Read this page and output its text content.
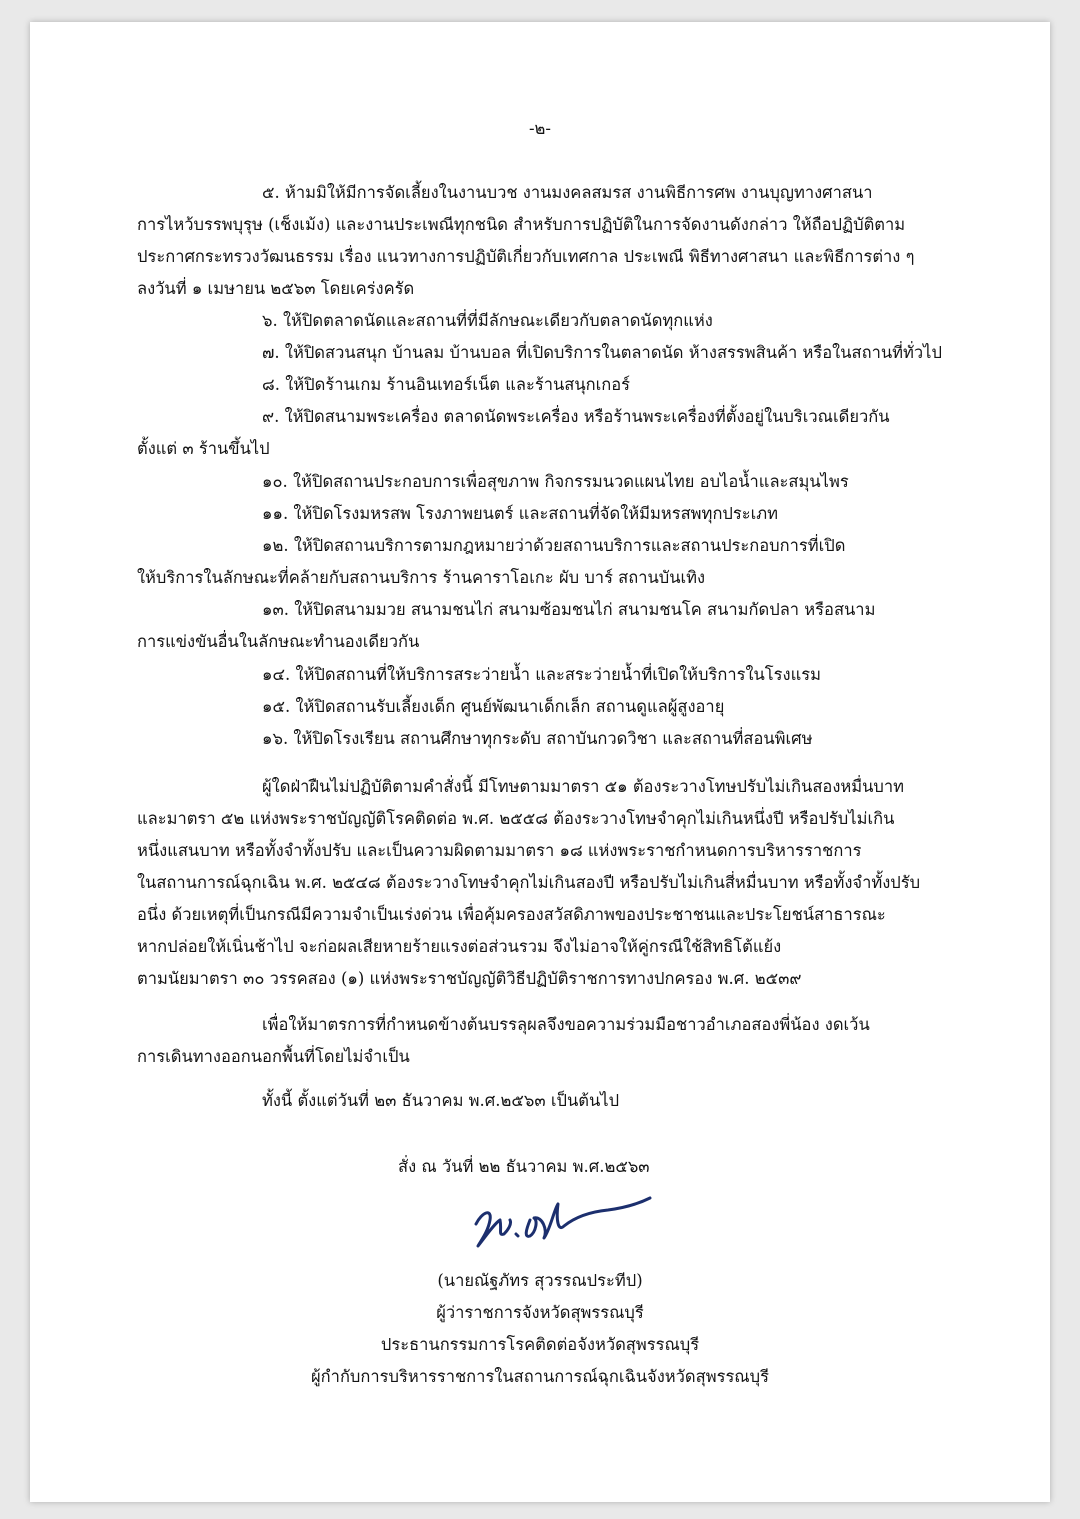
-๒-
๕. ห้ามมิให้มีการจัดเลี้ยงในงานบวช งานมงคลสมรส งานพิธีการศพ งานบุญทางศาสนา
การไหว้บรรพบุรุษ (เช็งเม้ง) และงานประเพณีทุกชนิด สำหรับการปฏิบัติในการจัดงานดังกล่าว ให้ถือปฏิบัติตาม
ประกาศกระทรวงวัฒนธรรม เรื่อง แนวทางการปฏิบัติเกี่ยวกับเทศกาล ประเพณี พิธีทางศาสนา และพิธีการต่าง ๆ
ลงวันที่ ๑ เมษายน ๒๕๖๓ โดยเคร่งครัด
๖. ให้ปิดตลาดนัดและสถานที่ที่มีลักษณะเดียวกับตลาดนัดทุกแห่ง
๗. ให้ปิดสวนสนุก บ้านลม บ้านบอล ที่เปิดบริการในตลาดนัด ห้างสรรพสินค้า หรือในสถานที่ทั่วไป
๘. ให้ปิดร้านเกม ร้านอินเทอร์เน็ต และร้านสนุกเกอร์
๙. ให้ปิดสนามพระเครื่อง ตลาดนัดพระเครื่อง หรือร้านพระเครื่องที่ตั้งอยู่ในบริเวณเดียวกัน
ตั้งแต่ ๓ ร้านขึ้นไป
๑๐. ให้ปิดสถานประกอบการเพื่อสุขภาพ กิจกรรมนวดแผนไทย อบไอน้ำและสมุนไพร
๑๑. ให้ปิดโรงมหรสพ โรงภาพยนตร์ และสถานที่จัดให้มีมหรสพทุกประเภท
๑๒. ให้ปิดสถานบริการตามกฎหมายว่าด้วยสถานบริการและสถานประกอบการที่เปิด
ให้บริการในลักษณะที่คล้ายกับสถานบริการ ร้านคาราโอเกะ ผับ บาร์ สถานบันเทิง
๑๓. ให้ปิดสนามมวย สนามชนไก่ สนามซ้อมชนไก่ สนามชนโค สนามกัดปลา หรือสนาม
การแข่งขันอื่นในลักษณะทำนองเดียวกัน
๑๔. ให้ปิดสถานที่ให้บริการสระว่ายน้ำ และสระว่ายน้ำที่เปิดให้บริการในโรงแรม
๑๕. ให้ปิดสถานรับเลี้ยงเด็ก ศูนย์พัฒนาเด็กเล็ก สถานดูแลผู้สูงอายุ
๑๖. ให้ปิดโรงเรียน สถานศึกษาทุกระดับ สถาบันกวดวิชา และสถานที่สอนพิเศษ
ผู้ใดฝ่าฝืนไม่ปฏิบัติตามคำสั่งนี้ มีโทษตามมาตรา ๕๑ ต้องระวางโทษปรับไม่เกินสองหมื่นบาท
และมาตรา ๕๒ แห่งพระราชบัญญัติโรคติดต่อ พ.ศ. ๒๕๕๘ ต้องระวางโทษจำคุกไม่เกินหนึ่งปี หรือปรับไม่เกิน
หนึ่งแสนบาท หรือทั้งจำทั้งปรับ และเป็นความผิดตามมาตรา ๑๘ แห่งพระราชกำหนดการบริหารราชการ
ในสถานการณ์ฉุกเฉิน พ.ศ. ๒๕๔๘ ต้องระวางโทษจำคุกไม่เกินสองปี หรือปรับไม่เกินสี่หมื่นบาท หรือทั้งจำทั้งปรับ
อนึ่ง ด้วยเหตุที่เป็นกรณีมีความจำเป็นเร่งด่วน เพื่อคุ้มครองสวัสดิภาพของประชาชนและประโยชน์สาธารณะ
หากปล่อยให้เนิ่นช้าไป จะก่อผลเสียหายร้ายแรงต่อส่วนรวม จึงไม่อาจให้คู่กรณีใช้สิทธิโต้แย้ง
ตามนัยมาตรา ๓๐ วรรคสอง (๑) แห่งพระราชบัญญัติวิธีปฏิบัติราชการทางปกครอง พ.ศ. ๒๕๓๙
เพื่อให้มาตรการที่กำหนดข้างต้นบรรลุผลจึงขอความร่วมมือชาวอำเภอสองพี่น้อง งดเว้น
การเดินทางออกนอกพื้นที่โดยไม่จำเป็น
ทั้งนี้ ตั้งแต่วันที่ ๒๓ ธันวาคม พ.ศ.๒๕๖๓ เป็นต้นไป
สั่ง ณ วันที่ ๒๒ ธันวาคม พ.ศ.๒๕๖๓
(นายณัฐภัทร สุวรรณประทีป)
ผู้ว่าราชการจังหวัดสุพรรณบุรี
ประธานกรรมการโรคติดต่อจังหวัดสุพรรณบุรี
ผู้กำกับการบริหารราชการในสถานการณ์ฉุกเฉินจังหวัดสุพรรณบุรี
